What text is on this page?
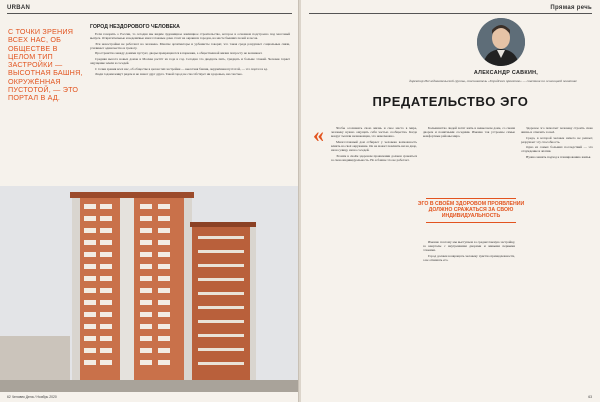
URBAN
С ТОЧКИ ЗРЕНИЯ ВСЕХ НАС, ОБ ОБЩЕСТВЕ В ЦЕЛОМ ТИП ЗАСТРОЙКИ — ВЫСОТНАЯ БАШНЯ, ОКРУЖЁННАЯ ПУСТОТОЙ, — ЭТО ПОРТАЛ В АД.
ГОРОД НЕЗДОРОВОГО ЧЕЛОВЕКА

Если говорить о России, то сегодня мы видим чудовищное жилищное строительство, которое в основном подстроено под массовый выпуск. Отвратительные и недешёвые многоэтажные дома стоят на окраинах городов, на месте бывших полей и лесов.

Эти новостройки не работают на человека. Многие архитекторы и урбанисты говорят, что такая среда разрушает социальные связи, усиливает одиночество и тревогу.

Пространство между домами пустует, дворы превращаются в парковки, а общественной жизни попросту не возникает.

Средняя высота новых домов в Москве растёт из года в год. Сегодня это двадцать пять, тридцать и больше этажей. Человек теряет ощущение земли и соседей.

С точки зрения всех нас, об обществе в целом тип застройки — высотная башня, окружённая пустотой, — это портал в ад.

Люди годами живут рядом и не знают друг друга. Такой город не способствует ни здоровью, ни счастью.

62 Человек Дела / Ноябрь 2020
Прямая речь
АЛЕКСАНДР САВКИН,
директор Исследовательской группы, сооснователь «Городских проектов» — советник по жилищной политике
ПРЕДАТЕЛЬСТВО ЭГО
«	Чтобы осознавать свою жизнь и свое место в мире, человеку нужно ощущать себя частью сообщества. Когда вокруг тысячи незнакомцев, это невозможно.

Многоэтажный дом отбирает у человека возможность влиять на своё окружение. Он не может повлиять ни на двор, ни на улицу, ни на соседей.

Эгоизм в своём здоровом проявлении должен сражаться за свою индивидуальность. Но в башне это не работает.

Большинство людей хотят жить в невысоком доме, со своим двором и понятными соседями. Именно так устроены самые комфортные районы мира.

ЭГО В СВОЁМ ЗДОРОВОМ ПРОЯВЛЕНИИ ДОЛЖНО СРАЖАТЬСЯ ЗА СВОЮ ИНДИВИДУАЛЬНОСТЬ

Именно поэтому мы выступаем за среднеэтажную застройку, за кварталы с внутренними дворами и живыми первыми этажами.

Город должен возвращать человеку чувство принадлежности, а не отнимать его.

Здоровое эго помогает человеку строить свою жизнь и отвечать за неё.

Среда, в которой человек ничего не решает, разрушает эту способность.

Одно из самых больших последствий — это отчуждение и апатия.

Нужно менять подход к планированию жилья.

63
